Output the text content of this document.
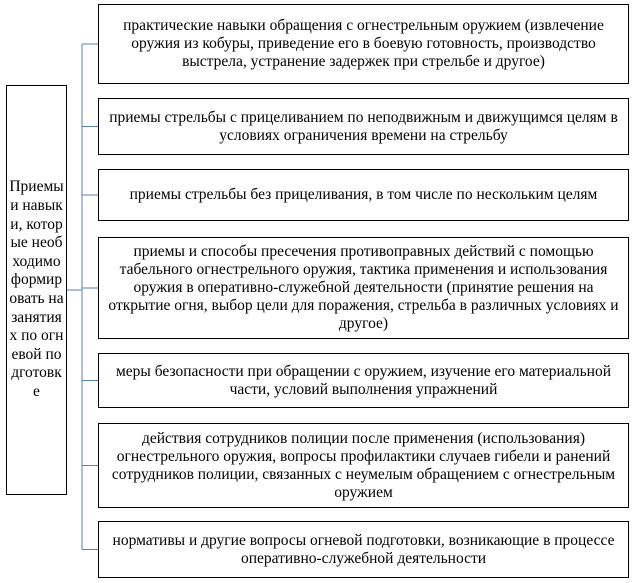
Приемы и навыки, которые необходимо формировать на занятиях по огневой подготовке
практические навыки обращения с огнестрельным оружием (извлечение оружия из кобуры, приведение его в боевую готовность, производство выстрела, устранение задержек при стрельбе и другое)
приемы стрельбы с прицеливанием по неподвижным и движущимся целям в условиях ограничения времени на стрельбу
приемы стрельбы без прицеливания, в том числе по нескольким целям
приемы и способы пресечения противоправных действий с помощью табельного огнестрельного оружия, тактика применения и использования оружия в оперативно-служебной деятельности (принятие решения на открытие огня, выбор цели для поражения, стрельба в различных условиях и другое)
меры безопасности при обращении с оружием, изучение его материальной части, условий выполнения упражнений
действия сотрудников полиции после применения (использования) огнестрельного оружия, вопросы профилактики случаев гибели и ранений сотрудников полиции, связанных с неумелым обращением с огнестрельным оружием
нормативы и другие вопросы огневой подготовки, возникающие в процессе оперативно-служебной деятельности
